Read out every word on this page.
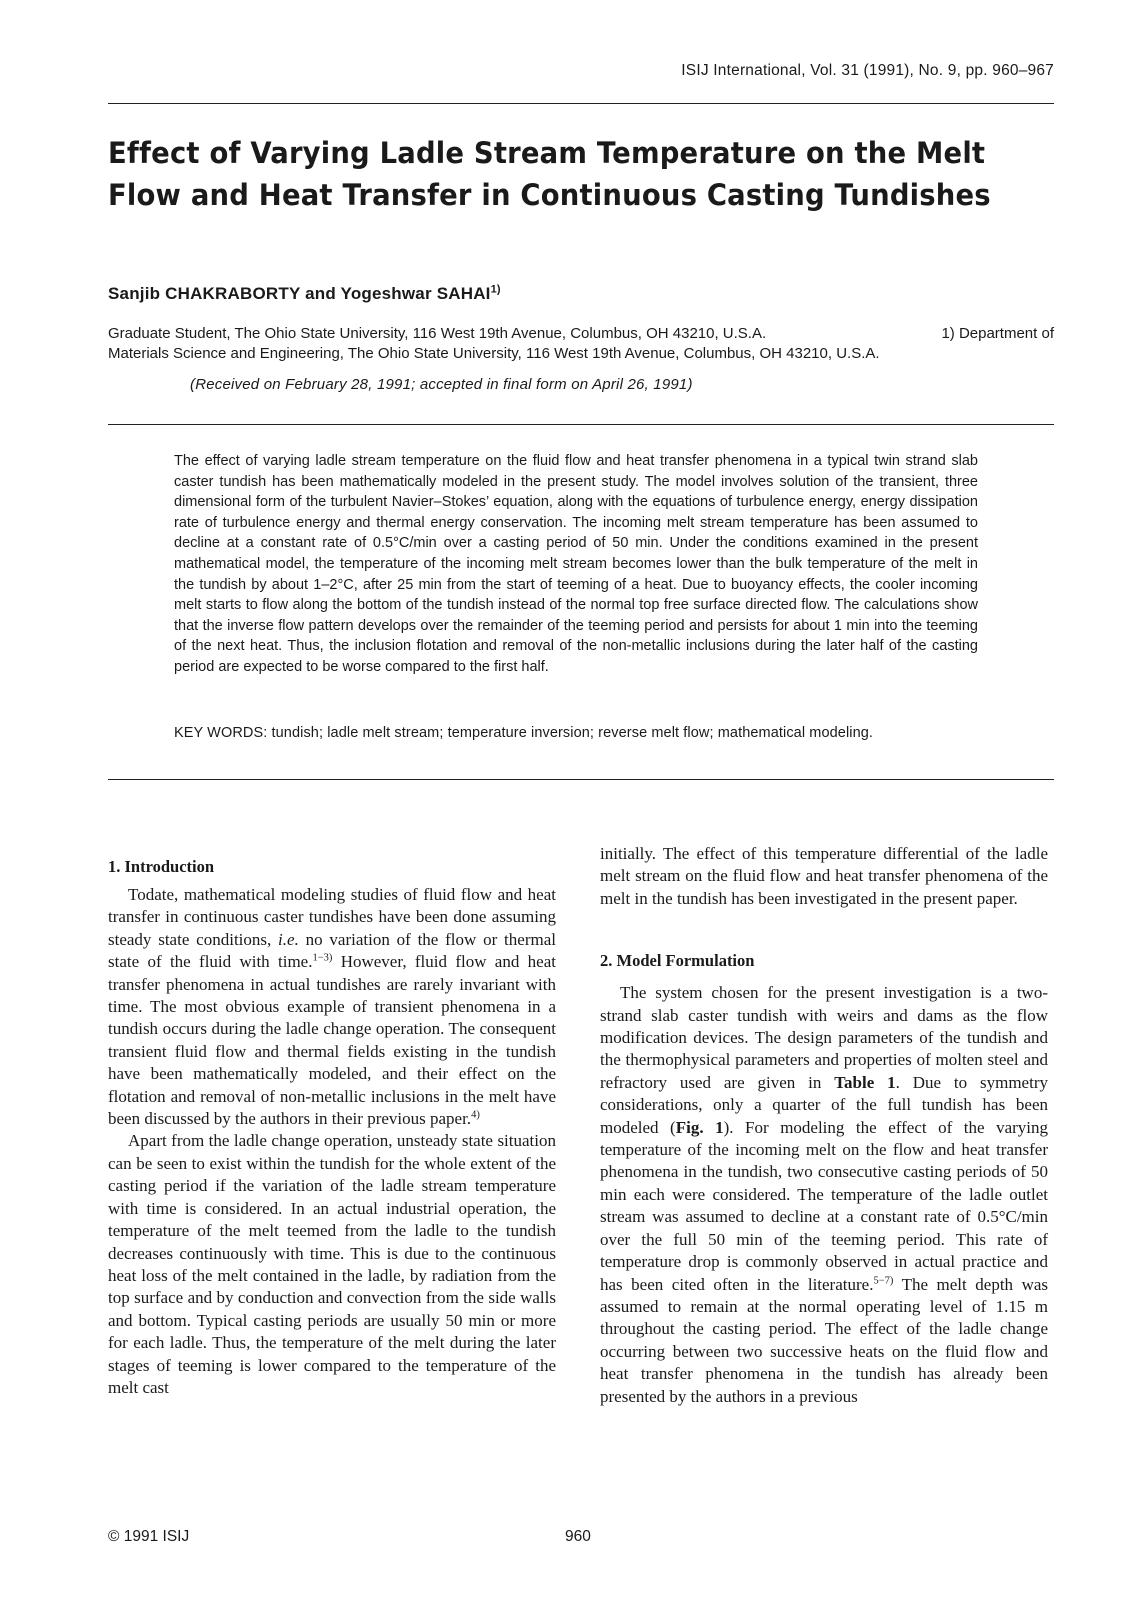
ISIJ International, Vol. 31 (1991), No. 9, pp. 960–967
Effect of Varying Ladle Stream Temperature on the Melt Flow and Heat Transfer in Continuous Casting Tundishes
Sanjib CHAKRABORTY and Yogeshwar SAHAI$^{1)}$
Graduate Student, The Ohio State University, 116 West 19th Avenue, Columbus, OH 43210, U.S.A.	1) Department of
Materials Science and Engineering, The Ohio State University, 116 West 19th Avenue, Columbus, OH 43210, U.S.A.
(Received on February 28, 1991; accepted in final form on April 26, 1991)

The effect of varying ladle stream temperature on the fluid flow and heat transfer phenomena in a typical twin strand slab caster tundish has been mathematically modeled in the present study. The model involves solution of the transient, three dimensional form of the turbulent Navier–Stokes’ equation, along with the equations of turbulence energy, energy dissipation rate of turbulence energy and thermal energy conservation. The incoming melt stream temperature has been assumed to decline at a constant rate of 0.5°C/min over a casting period of 50 min. Under the conditions examined in the present mathematical model, the temperature of the incoming melt stream becomes lower than the bulk temperature of the melt in the tundish by about 1–2°C, after 25 min from the start of teeming of a heat. Due to buoyancy effects, the cooler incoming melt starts to flow along the bottom of the tundish instead of the normal top free surface directed flow. The calculations show that the inverse flow pattern develops over the remainder of the teeming period and persists for about 1 min into the teeming of the next heat. Thus, the inclusion flotation and removal of the non-metallic inclusions during the later half of the casting period are expected to be worse compared to the first half.

KEY WORDS: tundish; ladle melt stream; temperature inversion; reverse melt flow; mathematical modeling.
1. Introduction

Todate, mathematical modeling studies of fluid flow and heat transfer in continuous caster tundishes have been done assuming steady state conditions, i.e. no variation of the flow or thermal state of the fluid with time.$^{1-3)}$ However, fluid flow and heat transfer phenomena in actual tundishes are rarely invariant with time. The most obvious example of transient phenomena in a tundish occurs during the ladle change operation. The consequent transient fluid flow and thermal fields existing in the tundish have been mathematically modeled, and their effect on the flotation and removal of non-metallic inclusions in the melt have been discussed by the authors in their previous paper.$^{4)}$

Apart from the ladle change operation, unsteady state situation can be seen to exist within the tundish for the whole extent of the casting period if the variation of the ladle stream temperature with time is considered. In an actual industrial operation, the temperature of the melt teemed from the ladle to the tundish decreases continuously with time. This is due to the continuous heat loss of the melt contained in the ladle, by radiation from the top surface and by conduction and convection from the side walls and bottom. Typical casting periods are usually 50 min or more for each ladle. Thus, the temperature of the melt during the later stages of teeming is lower compared to the temperature of the melt cast

initially. The effect of this temperature differential of the ladle melt stream on the fluid flow and heat transfer phenomena of the melt in the tundish has been investigated in the present paper.

2. Model Formulation

The system chosen for the present investigation is a two-strand slab caster tundish with weirs and dams as the flow modification devices. The design parameters of the tundish and the thermophysical parameters and properties of molten steel and refractory used are given in Table 1. Due to symmetry considerations, only a quarter of the full tundish has been modeled (Fig. 1). For modeling the effect of the varying temperature of the incoming melt on the flow and heat transfer phenomena in the tundish, two consecutive casting periods of 50 min each were considered. The temperature of the ladle outlet stream was assumed to decline at a constant rate of 0.5°C/min over the full 50 min of the teeming period. This rate of temperature drop is commonly observed in actual practice and has been cited often in the literature.$^{5-7)}$ The melt depth was assumed to remain at the normal operating level of 1.15 m throughout the casting period. The effect of the ladle change occurring between two successive heats on the fluid flow and heat transfer phenomena in the tundish has already been presented by the authors in a previous

© 1991 ISIJ	960
